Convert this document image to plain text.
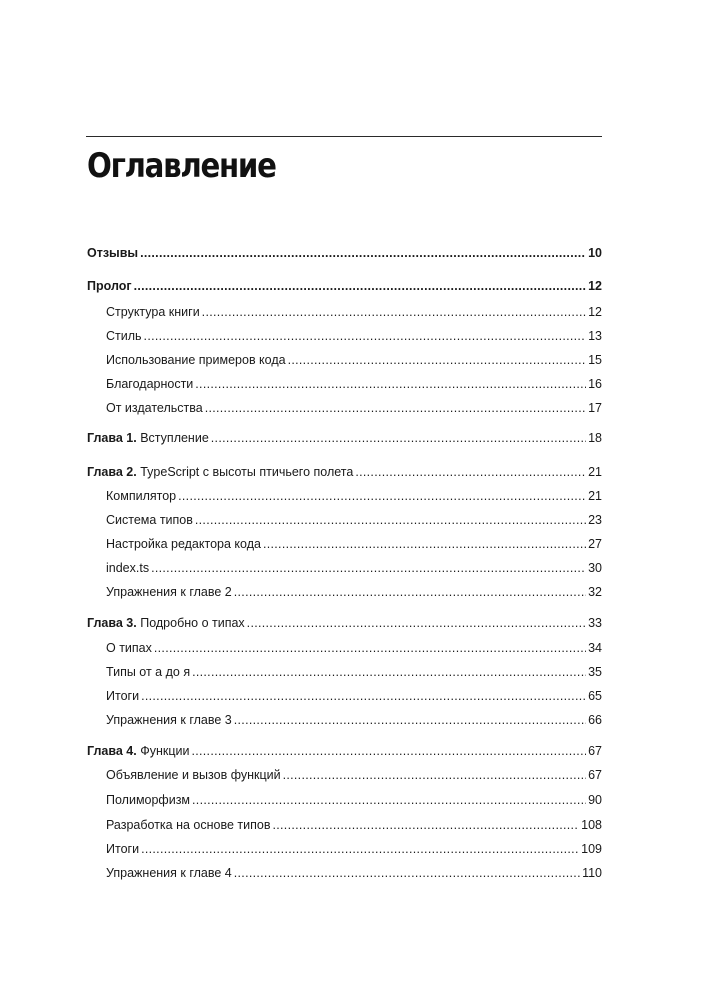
Оглавление
Отзывы .....	10
Пролог .....	12
Структура книги .....	12
Стиль .....	13
Использование примеров кода .....	15
Благодарности .....	16
От издательства .....	17
Глава 1. Вступление .....	18
Глава 2. TypeScript с высоты птичьего полета .....	21
Компилятор .....	21
Система типов .....	23
Настройка редактора кода .....	27
index.ts .....	30
Упражнения к главе 2 .....	32
Глава 3. Подробно о типах .....	33
О типах .....	34
Типы от a до я .....	35
Итоги .....	65
Упражнения к главе 3 .....	66
Глава 4. Функции .....	67
Объявление и вызов функций .....	67
Полиморфизм .....	90
Разработка на основе типов .....	108
Итоги .....	109
Упражнения к главе 4 .....	110
